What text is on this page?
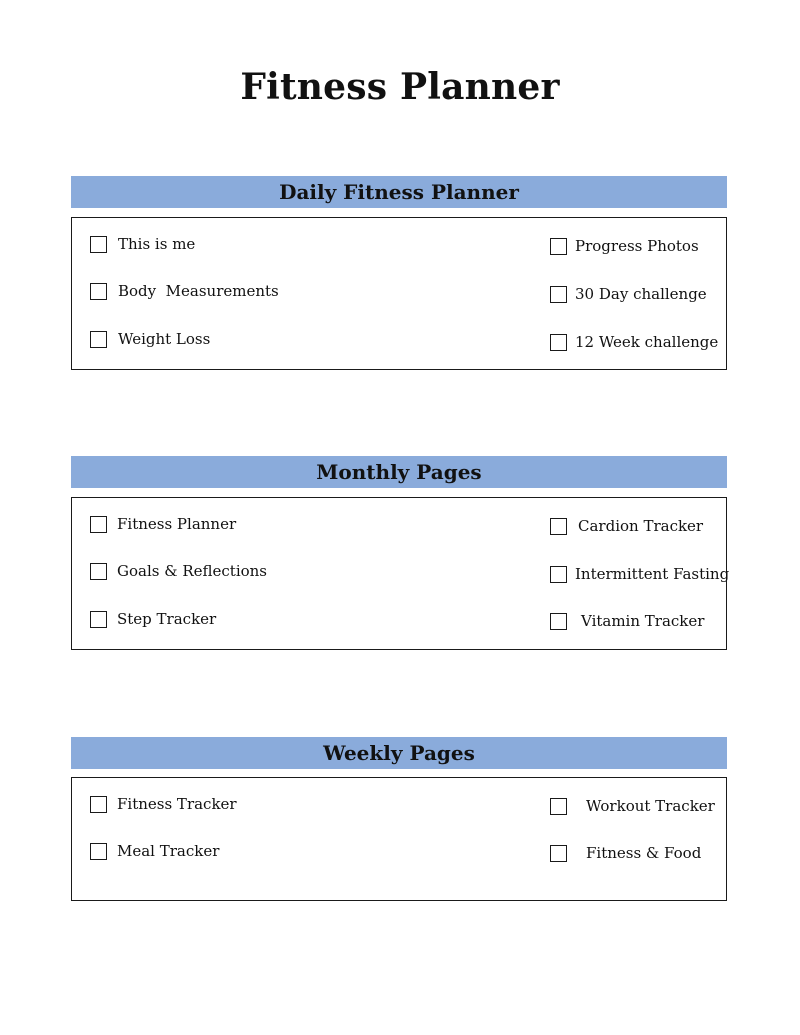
Fitness Planner
Daily Fitness Planner
This is me
Body  Measurements
Weight Loss
Progress Photos
30 Day challenge
12 Week challenge
Monthly Pages
Fitness Planner
Goals & Reflections
Step Tracker
Cardion Tracker
Intermittent Fasting
Vitamin Tracker
Weekly Pages
Fitness Tracker
Meal Tracker
Workout Tracker
Fitness & Food
